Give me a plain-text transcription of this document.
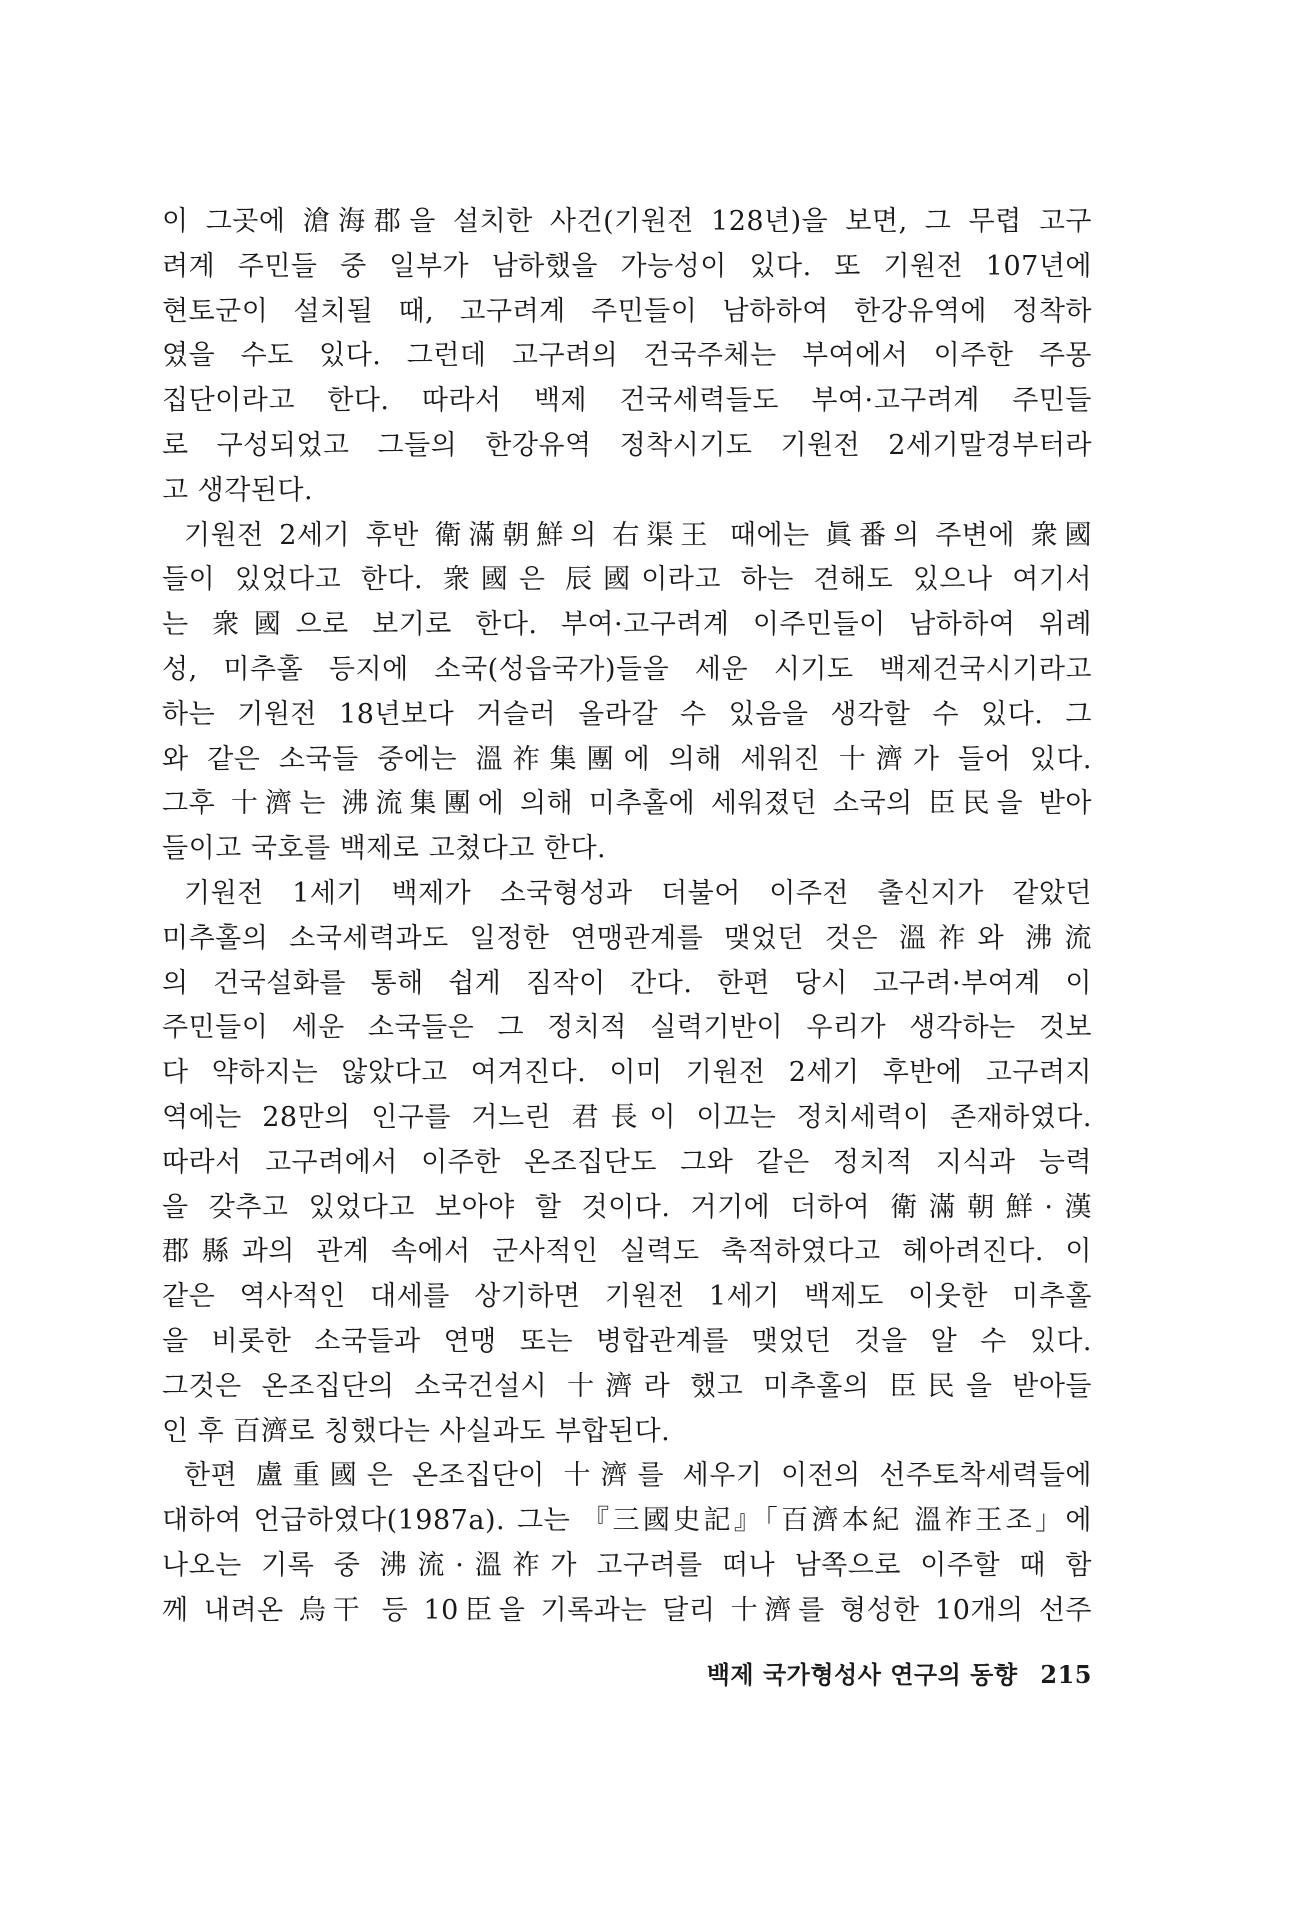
이 그곳에 滄海郡을 설치한 사건(기원전 128년)을 보면, 그 무렵 고구
려계 주민들 중 일부가 남하했을 가능성이 있다. 또 기원전 107년에
현토군이 설치될 때, 고구려계 주민들이 남하하여 한강유역에 정착하
였을 수도 있다. 그런데 고구려의 건국주체는 부여에서 이주한 주몽
집단이라고 한다. 따라서 백제 건국세력들도 부여·고구려계 주민들
로 구성되었고 그들의 한강유역 정착시기도 기원전 2세기말경부터라
고 생각된다.
기원전 2세기 후반 衛滿朝鮮의 右渠王 때에는 眞番의 주변에 衆國
들이 있었다고 한다. 衆國은 辰國이라고 하는 견해도 있으나 여기서
는 衆國으로 보기로 한다. 부여·고구려계 이주민들이 남하하여 위례
성, 미추홀 등지에 소국(성읍국가)들을 세운 시기도 백제건국시기라고
하는 기원전 18년보다 거슬러 올라갈 수 있음을 생각할 수 있다. 그
와 같은 소국들 중에는 溫祚集團에 의해 세워진 十濟가 들어 있다.
그후 十濟는 沸流集團에 의해 미추홀에 세워졌던 소국의 臣民을 받아
들이고 국호를 백제로 고쳤다고 한다.
기원전 1세기 백제가 소국형성과 더불어 이주전 출신지가 같았던
미추홀의 소국세력과도 일정한 연맹관계를 맺었던 것은 溫祚와 沸流
의 건국설화를 통해 쉽게 짐작이 간다. 한편 당시 고구려·부여계 이
주민들이 세운 소국들은 그 정치적 실력기반이 우리가 생각하는 것보
다 약하지는 않았다고 여겨진다. 이미 기원전 2세기 후반에 고구려지
역에는 28만의 인구를 거느린 君長이 이끄는 정치세력이 존재하였다.
따라서 고구려에서 이주한 온조집단도 그와 같은 정치적 지식과 능력
을 갖추고 있었다고 보아야 할 것이다. 거기에 더하여 衛滿朝鮮·漢
郡縣과의 관계 속에서 군사적인 실력도 축적하였다고 헤아려진다. 이
같은 역사적인 대세를 상기하면 기원전 1세기 백제도 이웃한 미추홀
을 비롯한 소국들과 연맹 또는 병합관계를 맺었던 것을 알 수 있다.
그것은 온조집단의 소국건설시 十濟라 했고 미추홀의 臣民을 받아들
인 후 百濟로 칭했다는 사실과도 부합된다.
한편 盧重國은 온조집단이 十濟를 세우기 이전의 선주토착세력들에
대하여 언급하였다(1987a). 그는 『三國史記』「百濟本紀 溫祚王조」에
나오는 기록 중 沸流·溫祚가 고구려를 떠나 남쪽으로 이주할 때 함
께 내려온 烏干 등 10臣을 기록과는 달리 十濟를 형성한 10개의 선주
백제 국가형성사 연구의 동향 215
